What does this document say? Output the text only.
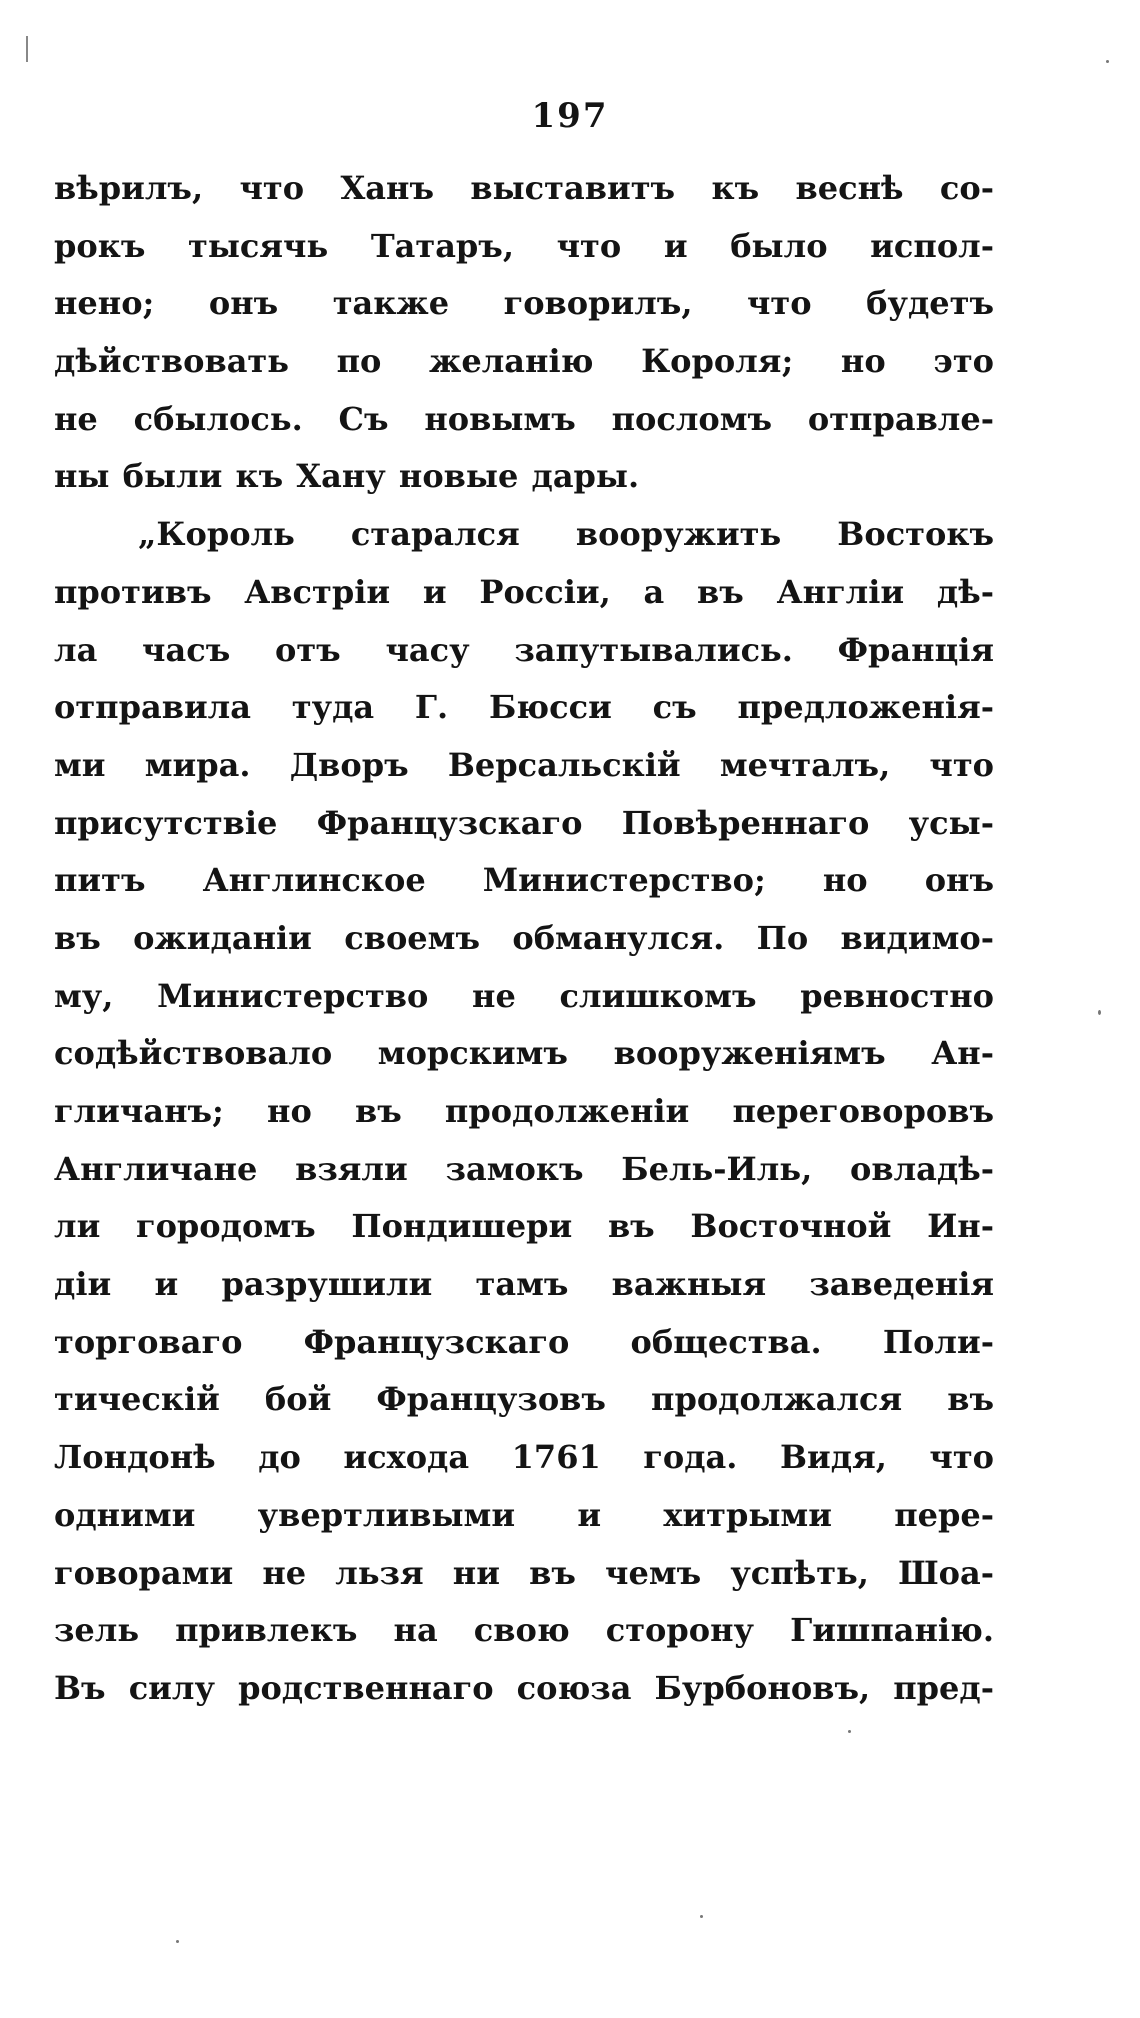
197
вѣрилъ, что Ханъ выставитъ къ веснѣ со-
рокъ тысячь Татаръ, что и было испол-
нено; онъ также говорилъ, что будетъ
дѣйствовать по желанію Короля; но это
не сбылось. Съ новымъ посломъ отправле-
ны были къ Хану новые дары.
„Король старался вооружить Востокъ
противъ Австріи и Россіи, а въ Англіи дѣ-
ла часъ отъ часу запутывались. Франція
отправила туда Г. Бюсси съ предложенія-
ми мира. Дворъ Версальскій мечталъ, что
присутствіе Французскаго Повѣреннаго усы-
питъ Англинское Министерство; но онъ
въ ожиданіи своемъ обманулся. По видимо-
му, Министерство не слишкомъ ревностно
содѣйствовало морскимъ вооруженіямъ Ан-
гличанъ; но въ продолженіи переговоровъ
Англичане взяли замокъ Бель-Иль, овладѣ-
ли городомъ Пондишери въ Восточной Ин-
діи и разрушили тамъ важныя заведенія
торговаго Французскаго общества. Поли-
тическій бой Французовъ продолжался въ
Лондонѣ до исхода 1761 года. Видя, что
одними увертливыми и хитрыми пере-
говорами не льзя ни въ чемъ успѣть, Шоа-
зель привлекъ на свою сторону Гишпанію.
Въ силу родственнаго союза Бурбоновъ, пред-
